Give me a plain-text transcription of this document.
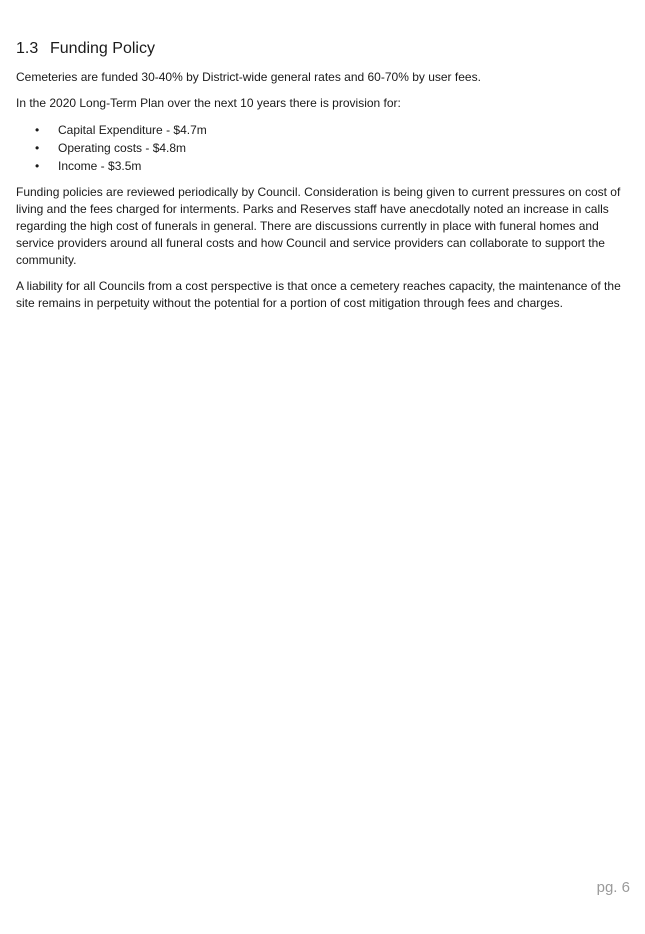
1.3 Funding Policy

Cemeteries are funded 30-40% by District-wide general rates and 60-70% by user fees.

In the 2020 Long-Term Plan over the next 10 years there is provision for:

• Capital Expenditure - $4.7m
• Operating costs - $4.8m
• Income - $3.5m

Funding policies are reviewed periodically by Council. Consideration is being given to current pressures on cost of living and the fees charged for interments. Parks and Reserves staff have anecdotally noted an increase in calls regarding the high cost of funerals in general. There are discussions currently in place with funeral homes and service providers around all funeral costs and how Council and service providers can collaborate to support the community.

A liability for all Councils from a cost perspective is that once a cemetery reaches capacity, the maintenance of the site remains in perpetuity without the potential for a portion of cost mitigation through fees and charges.

pg. 6
